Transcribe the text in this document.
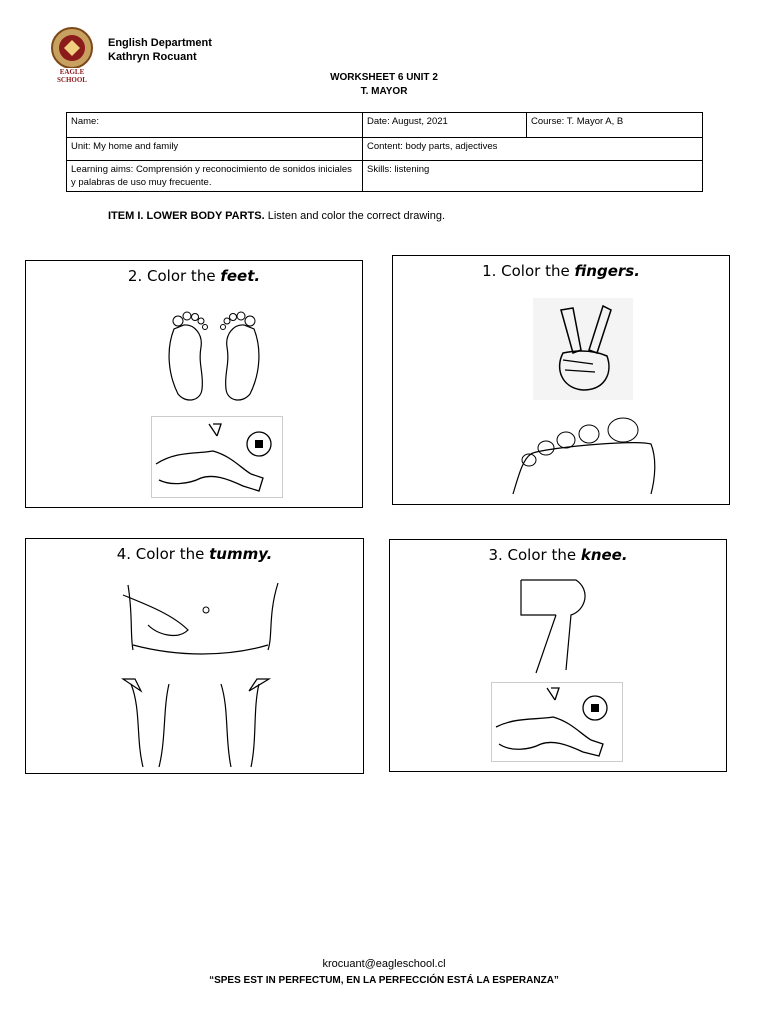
EAGLE SCHOOL
English Department
Kathryn Rocuant
WORKSHEET 6 UNIT 2
T. MAYOR
Name:	Date: August, 2021	Course: T. Mayor A, B
Unit: My home and family	Content: body parts, adjectives	
Learning aims: Comprensión y reconocimiento de sonidos iniciales y palabras de uso muy frecuente.	Skills: listening	
ITEM I. LOWER BODY PARTS. Listen and color the correct drawing.
2. Color the feet.	1. Color the fingers.
4. Color the tummy.	3. Color the knee.
krocuant@eagleschool.cl
“SPES EST IN PERFECTUM, EN LA PERFECCIÓN ESTÁ LA ESPERANZA”
